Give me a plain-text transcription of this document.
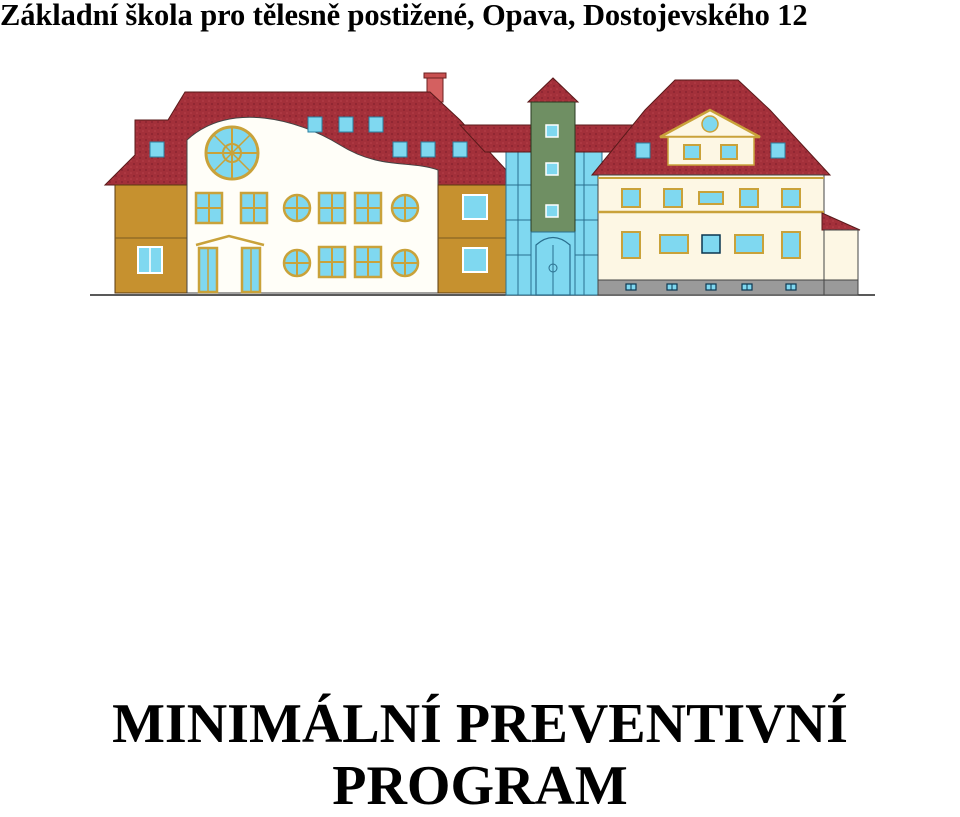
Základní škola pro tělesně postižené, Opava, Dostojevského 12
MINIMÁLNÍ PREVENTIVNÍ
PROGRAM
